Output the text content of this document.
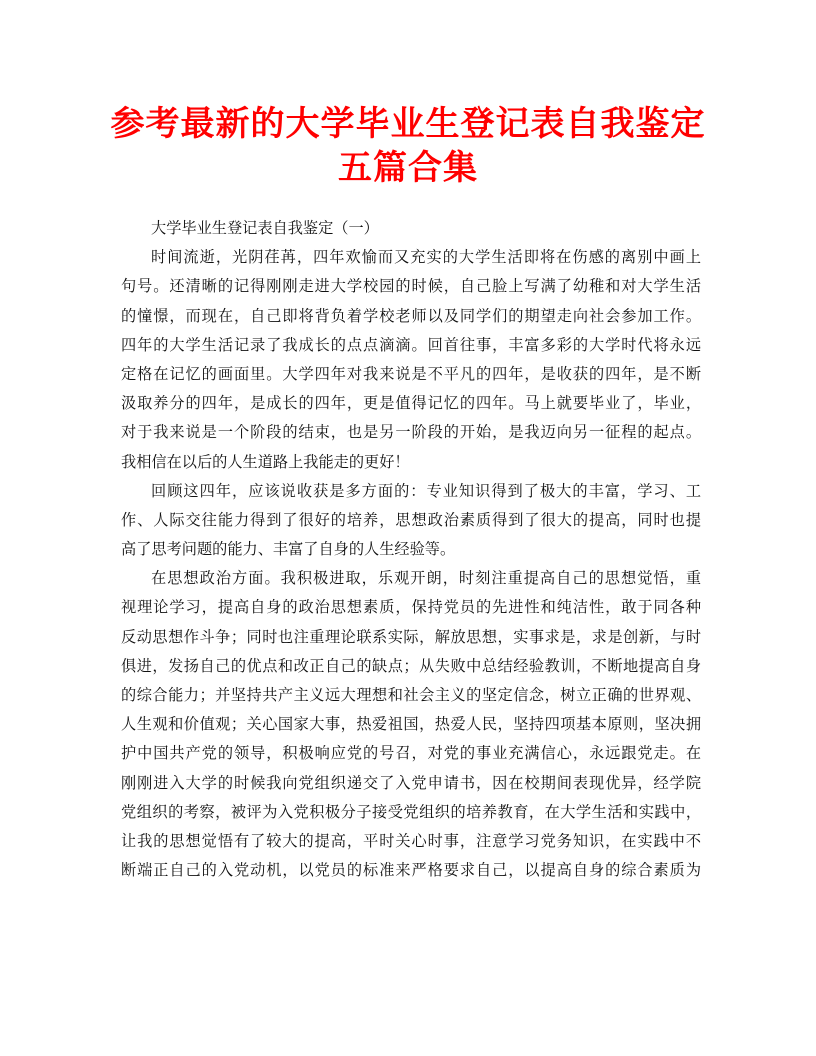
参考最新的大学毕业生登记表自我鉴定
五篇合集
大学毕业生登记表自我鉴定（一）
时间流逝，光阴荏苒，四年欢愉而又充实的大学生活即将在伤感的离别中画上
句号。还清晰的记得刚刚走进大学校园的时候，自己脸上写满了幼稚和对大学生活
的憧憬，而现在，自己即将背负着学校老师以及同学们的期望走向社会参加工作。
四年的大学生活记录了我成长的点点滴滴。回首往事，丰富多彩的大学时代将永远
定格在记忆的画面里。大学四年对我来说是不平凡的四年，是收获的四年，是不断
汲取养分的四年，是成长的四年，更是值得记忆的四年。马上就要毕业了，毕业，
对于我来说是一个阶段的结束，也是另一阶段的开始，是我迈向另一征程的起点。
我相信在以后的人生道路上我能走的更好！
回顾这四年，应该说收获是多方面的：专业知识得到了极大的丰富，学习、工
作、人际交往能力得到了很好的培养，思想政治素质得到了很大的提高，同时也提
高了思考问题的能力、丰富了自身的人生经验等。
在思想政治方面。我积极进取，乐观开朗，时刻注重提高自己的思想觉悟，重
视理论学习，提高自身的政治思想素质，保持党员的先进性和纯洁性，敢于同各种
反动思想作斗争；同时也注重理论联系实际，解放思想，实事求是，求是创新，与时
俱进，发扬自己的优点和改正自己的缺点；从失败中总结经验教训，不断地提高自身
的综合能力；并坚持共产主义远大理想和社会主义的坚定信念，树立正确的世界观、
人生观和价值观；关心国家大事，热爱祖国，热爱人民，坚持四项基本原则，坚决拥
护中国共产党的领导，积极响应党的号召，对党的事业充满信心，永远跟党走。在
刚刚进入大学的时候我向党组织递交了入党申请书，因在校期间表现优异，经学院
党组织的考察，被评为入党积极分子接受党组织的培养教育，在大学生活和实践中，
让我的思想觉悟有了较大的提高，平时关心时事，注意学习党务知识，在实践中不
断端正自己的入党动机，以党员的标准来严格要求自己，以提高自身的综合素质为
